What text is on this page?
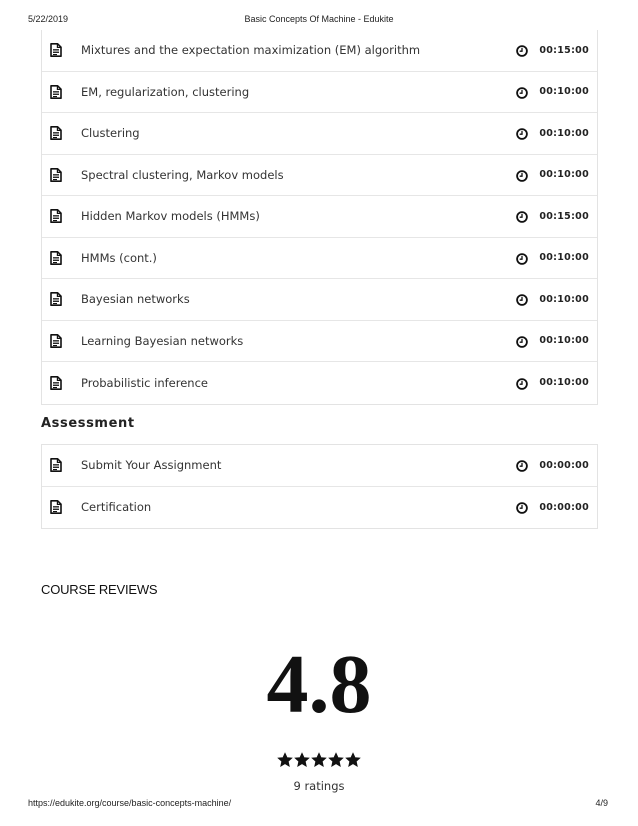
5/22/2019	Basic Concepts Of Machine - Edukite
Mixtures and the expectation maximization (EM) algorithm	00:15:00
EM, regularization, clustering	00:10:00
Clustering	00:10:00
Spectral clustering, Markov models	00:10:00
Hidden Markov models (HMMs)	00:15:00
HMMs (cont.)	00:10:00
Bayesian networks	00:10:00
Learning Bayesian networks	00:10:00
Probabilistic inference	00:10:00
Assessment
Submit Your Assignment	00:00:00
Certification	00:00:00
COURSE REVIEWS
4.8
9 ratings
https://edukite.org/course/basic-concepts-machine/	4/9
